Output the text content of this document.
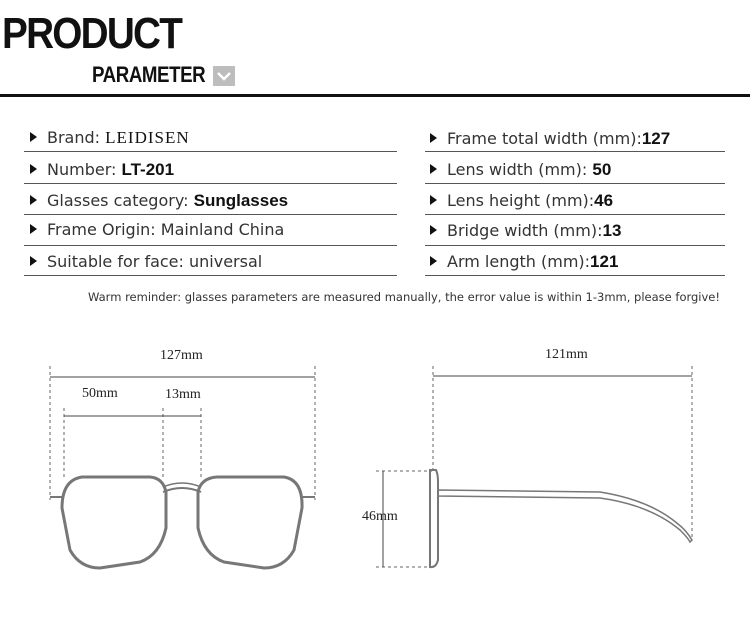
PRODUCT
PARAMETER
Brand: LEIDISEN
Number: LT-201
Glasses category: Sunglasses
Frame Origin: Mainland China
Suitable for face: universal
Frame total width (mm):127
Lens width (mm): 50
Lens height (mm):46
Bridge width (mm):13
Arm length (mm):121
Warm reminder: glasses parameters are measured manually, the error value is within 1-3mm, please forgive!
127mm
50mm	13mm
121mm
46mm
